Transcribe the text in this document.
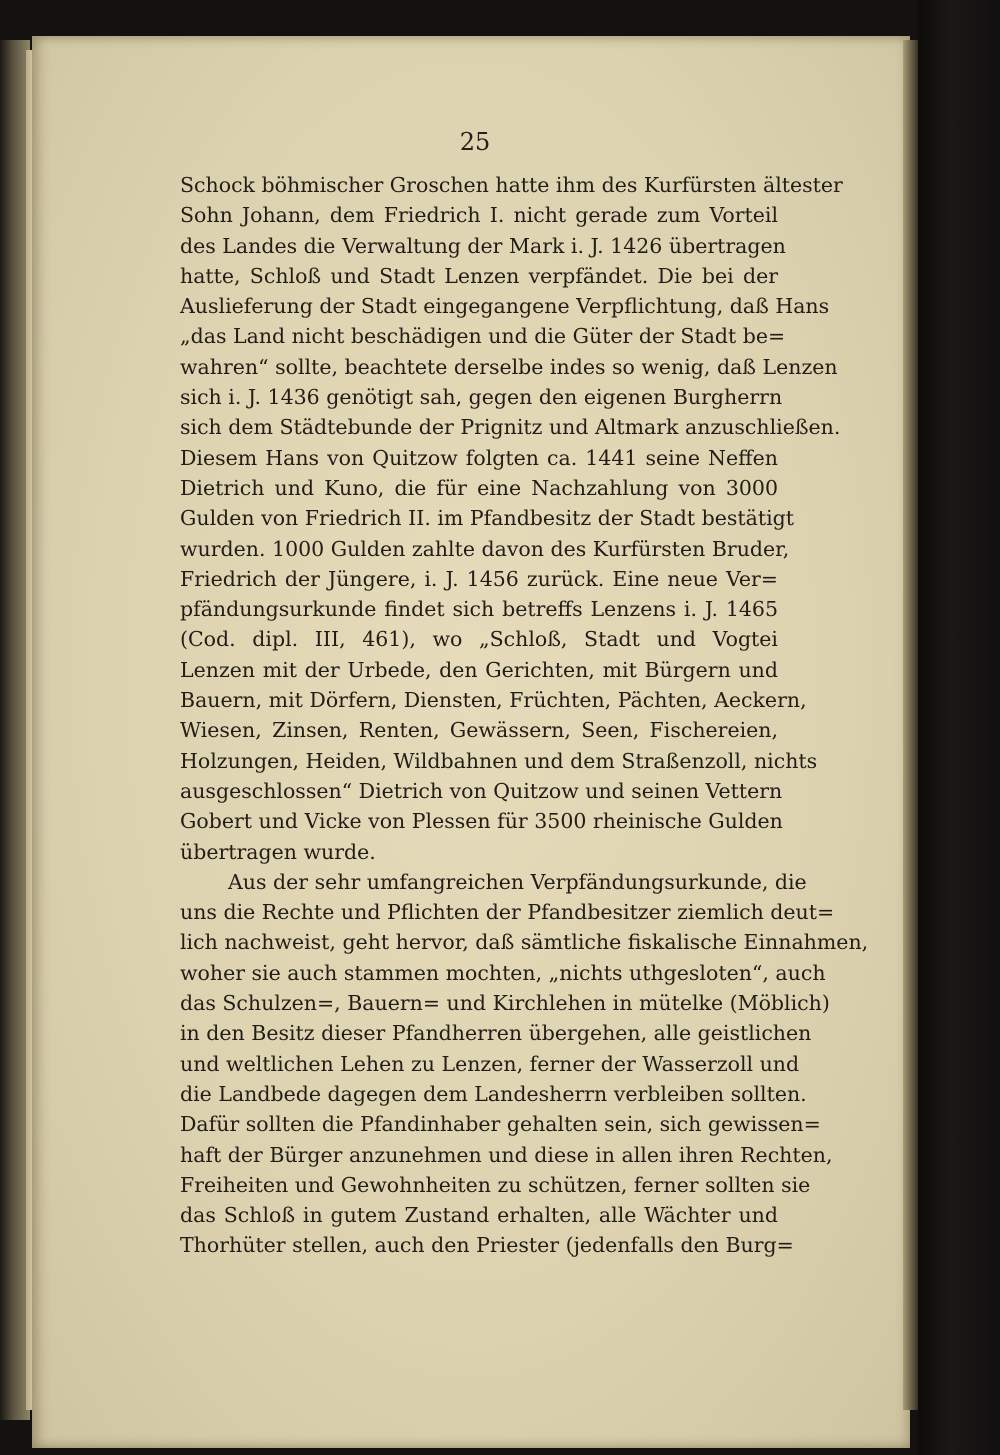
25
Schock böhmischer Groschen hatte ihm des Kurfürsten ältester
Sohn Johann, dem Friedrich I. nicht gerade zum Vorteil
des Landes die Verwaltung der Mark i. J. 1426 übertragen
hatte, Schloß und Stadt Lenzen verpfändet. Die bei der
Auslieferung der Stadt eingegangene Verpflichtung, daß Hans
„das Land nicht beschädigen und die Güter der Stadt be=
wahren“ sollte, beachtete derselbe indes so wenig, daß Lenzen
sich i. J. 1436 genötigt sah, gegen den eigenen Burgherrn
sich dem Städtebunde der Prignitz und Altmark anzuschließen.
Diesem Hans von Quitzow folgten ca. 1441 seine Neffen
Dietrich und Kuno, die für eine Nachzahlung von 3000
Gulden von Friedrich II. im Pfandbesitz der Stadt bestätigt
wurden. 1000 Gulden zahlte davon des Kurfürsten Bruder,
Friedrich der Jüngere, i. J. 1456 zurück. Eine neue Ver=
pfändungsurkunde findet sich betreffs Lenzens i. J. 1465
(Cod. dipl. III, 461), wo „Schloß, Stadt und Vogtei
Lenzen mit der Urbede, den Gerichten, mit Bürgern und
Bauern, mit Dörfern, Diensten, Früchten, Pächten, Aeckern,
Wiesen, Zinsen, Renten, Gewässern, Seen, Fischereien,
Holzungen, Heiden, Wildbahnen und dem Straßenzoll, nichts
ausgeschlossen“ Dietrich von Quitzow und seinen Vettern
Gobert und Vicke von Plessen für 3500 rheinische Gulden
übertragen wurde.
Aus der sehr umfangreichen Verpfändungsurkunde, die
uns die Rechte und Pflichten der Pfandbesitzer ziemlich deut=
lich nachweist, geht hervor, daß sämtliche fiskalische Einnahmen,
woher sie auch stammen mochten, „nichts uthgesloten“, auch
das Schulzen=, Bauern= und Kirchlehen in mütelke (Möblich)
in den Besitz dieser Pfandherren übergehen, alle geistlichen
und weltlichen Lehen zu Lenzen, ferner der Wasserzoll und
die Landbede dagegen dem Landesherrn verbleiben sollten.
Dafür sollten die Pfandinhaber gehalten sein, sich gewissen=
haft der Bürger anzunehmen und diese in allen ihren Rechten,
Freiheiten und Gewohnheiten zu schützen, ferner sollten sie
das Schloß in gutem Zustand erhalten, alle Wächter und
Thorhüter stellen, auch den Priester (jedenfalls den Burg=
